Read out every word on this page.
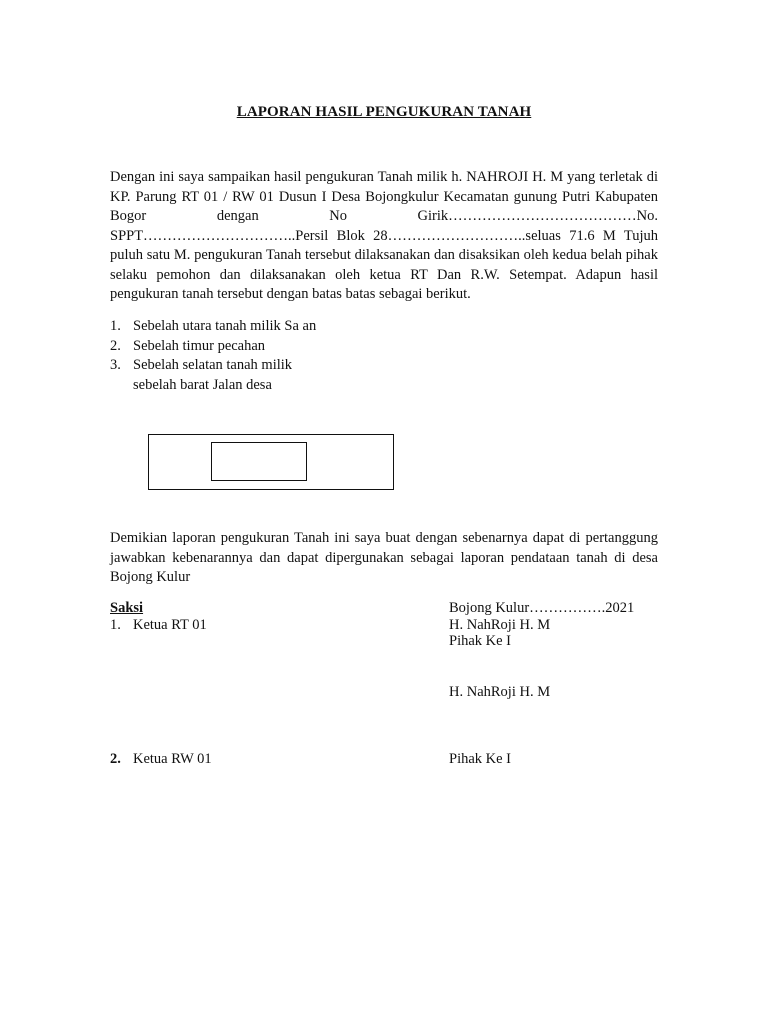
LAPORAN HASIL PENGUKURAN TANAH

Dengan ini saya sampaikan hasil pengukuran Tanah milik h. NAHROJI H. M yang terletak di KP. Parung RT 01 / RW 01 Dusun I Desa Bojongkulur Kecamatan gunung Putri Kabupaten Bogor dengan No Girik…………………………………No. SPPT…………………………..Persil Blok 28………………………..seluas 71.6 M Tujuh puluh satu M. pengukuran Tanah tersebut dilaksanakan dan disaksikan oleh kedua belah pihak selaku pemohon dan dilaksanakan oleh ketua RT Dan R.W. Setempat. Adapun hasil pengukuran tanah tersebut dengan batas batas sebagai berikut.

1. Sebelah utara tanah milik Sa an
2. Sebelah timur pecahan
3. Sebelah selatan tanah milik
sebelah barat Jalan desa

Demikian laporan pengukuran Tanah ini saya buat dengan sebenarnya dapat di pertanggung jawabkan kebenarannya dan dapat dipergunakan sebagai laporan pendataan tanah di desa Bojong Kulur

Saksi
1. Ketua RT 01
2. Ketua RW 01
Bojong Kulur…………….2021
H. NahRoji H. M
Pihak Ke I
H. NahRoji H. M
Pihak Ke I
